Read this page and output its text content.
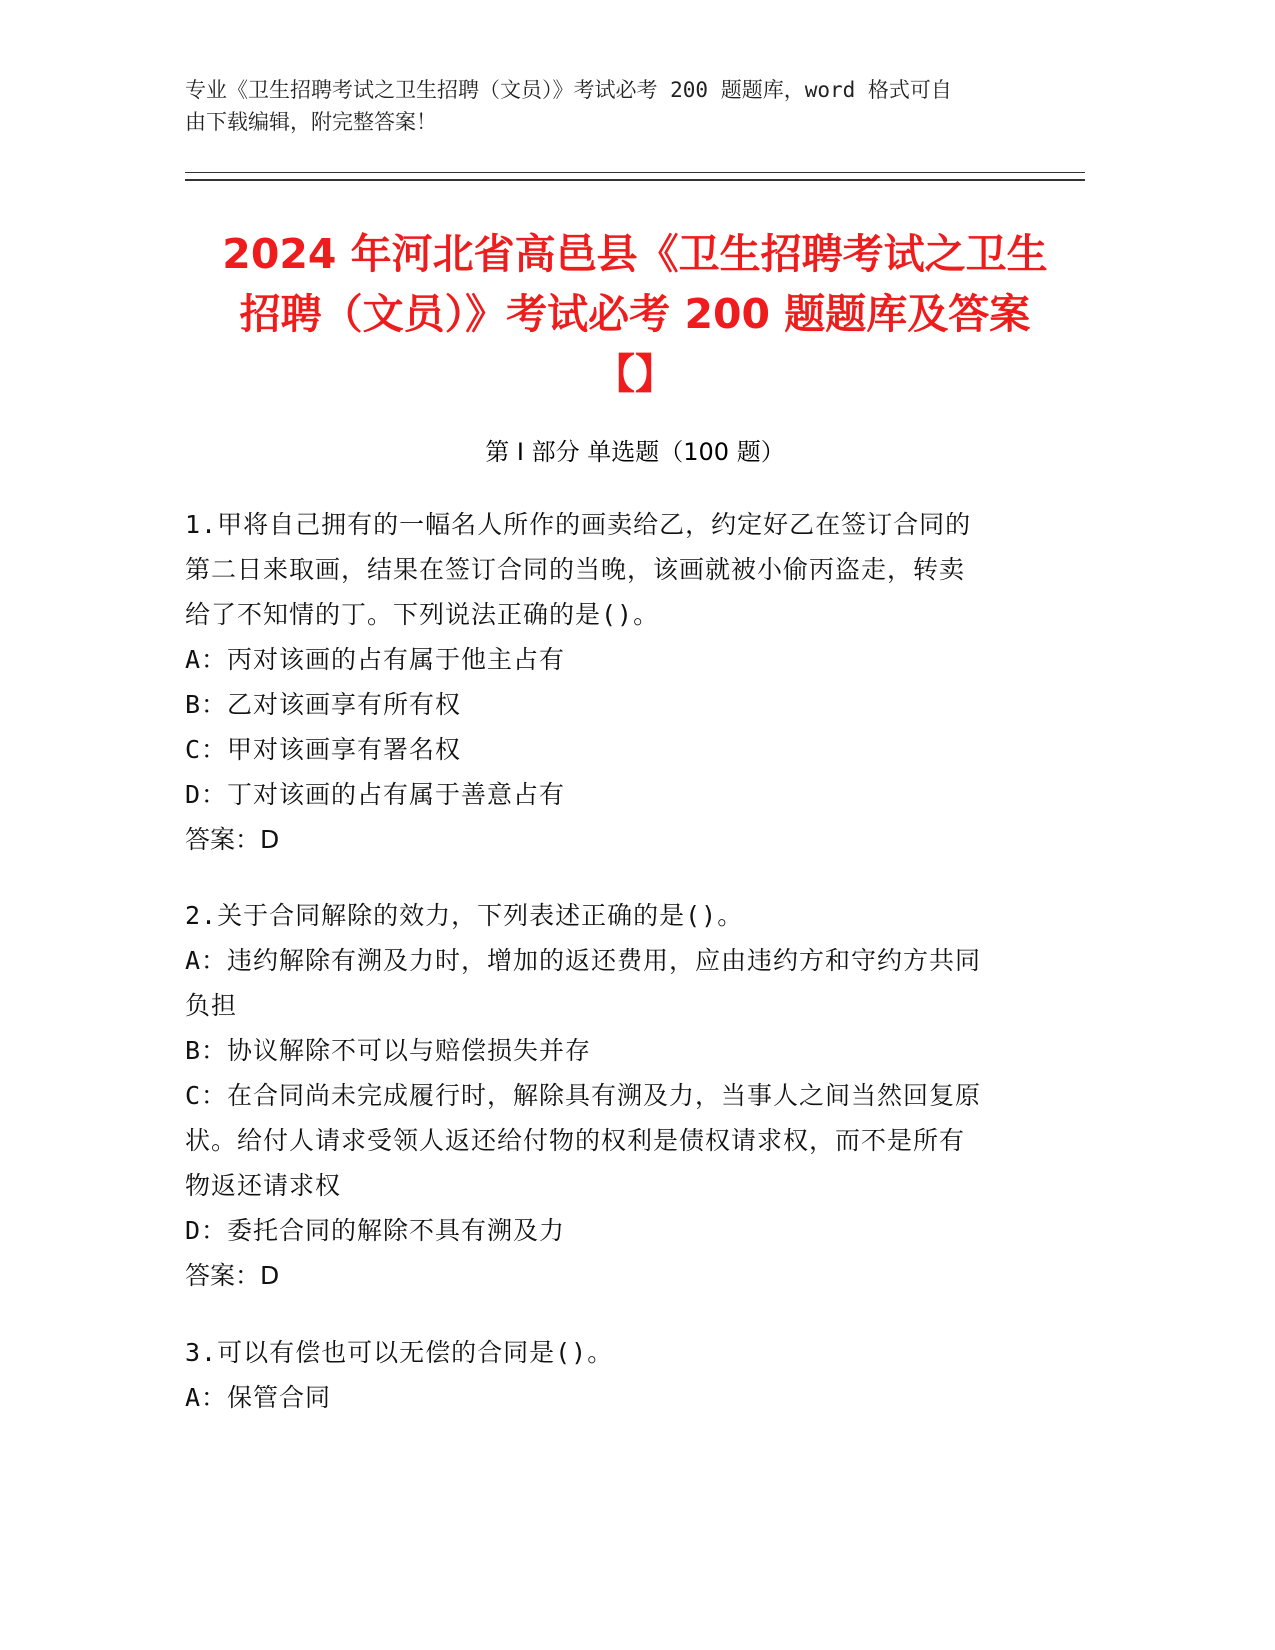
专业《卫生招聘考试之卫生招聘（文员）》考试必考 200 题题库，word 格式可自
由下载编辑，附完整答案！
2024 年河北省高邑县《卫生招聘考试之卫生
招聘（文员）》考试必考 200 题题库及答案
【】
第 I 部分 单选题（100 题）
1.甲将自己拥有的一幅名人所作的画卖给乙，约定好乙在签订合同的
第二日来取画，结果在签订合同的当晚，该画就被小偷丙盗走，转卖
给了不知情的丁。下列说法正确的是()。
A：丙对该画的占有属于他主占有
B：乙对该画享有所有权
C：甲对该画享有署名权
D：丁对该画的占有属于善意占有
答案：D
2.关于合同解除的效力，下列表述正确的是()。
A：违约解除有溯及力时，增加的返还费用，应由违约方和守约方共同
负担
B：协议解除不可以与赔偿损失并存
C：在合同尚未完成履行时，解除具有溯及力，当事人之间当然回复原
状。给付人请求受领人返还给付物的权利是债权请求权，而不是所有
物返还请求权
D：委托合同的解除不具有溯及力
答案：D
3.可以有偿也可以无偿的合同是()。
A：保管合同
